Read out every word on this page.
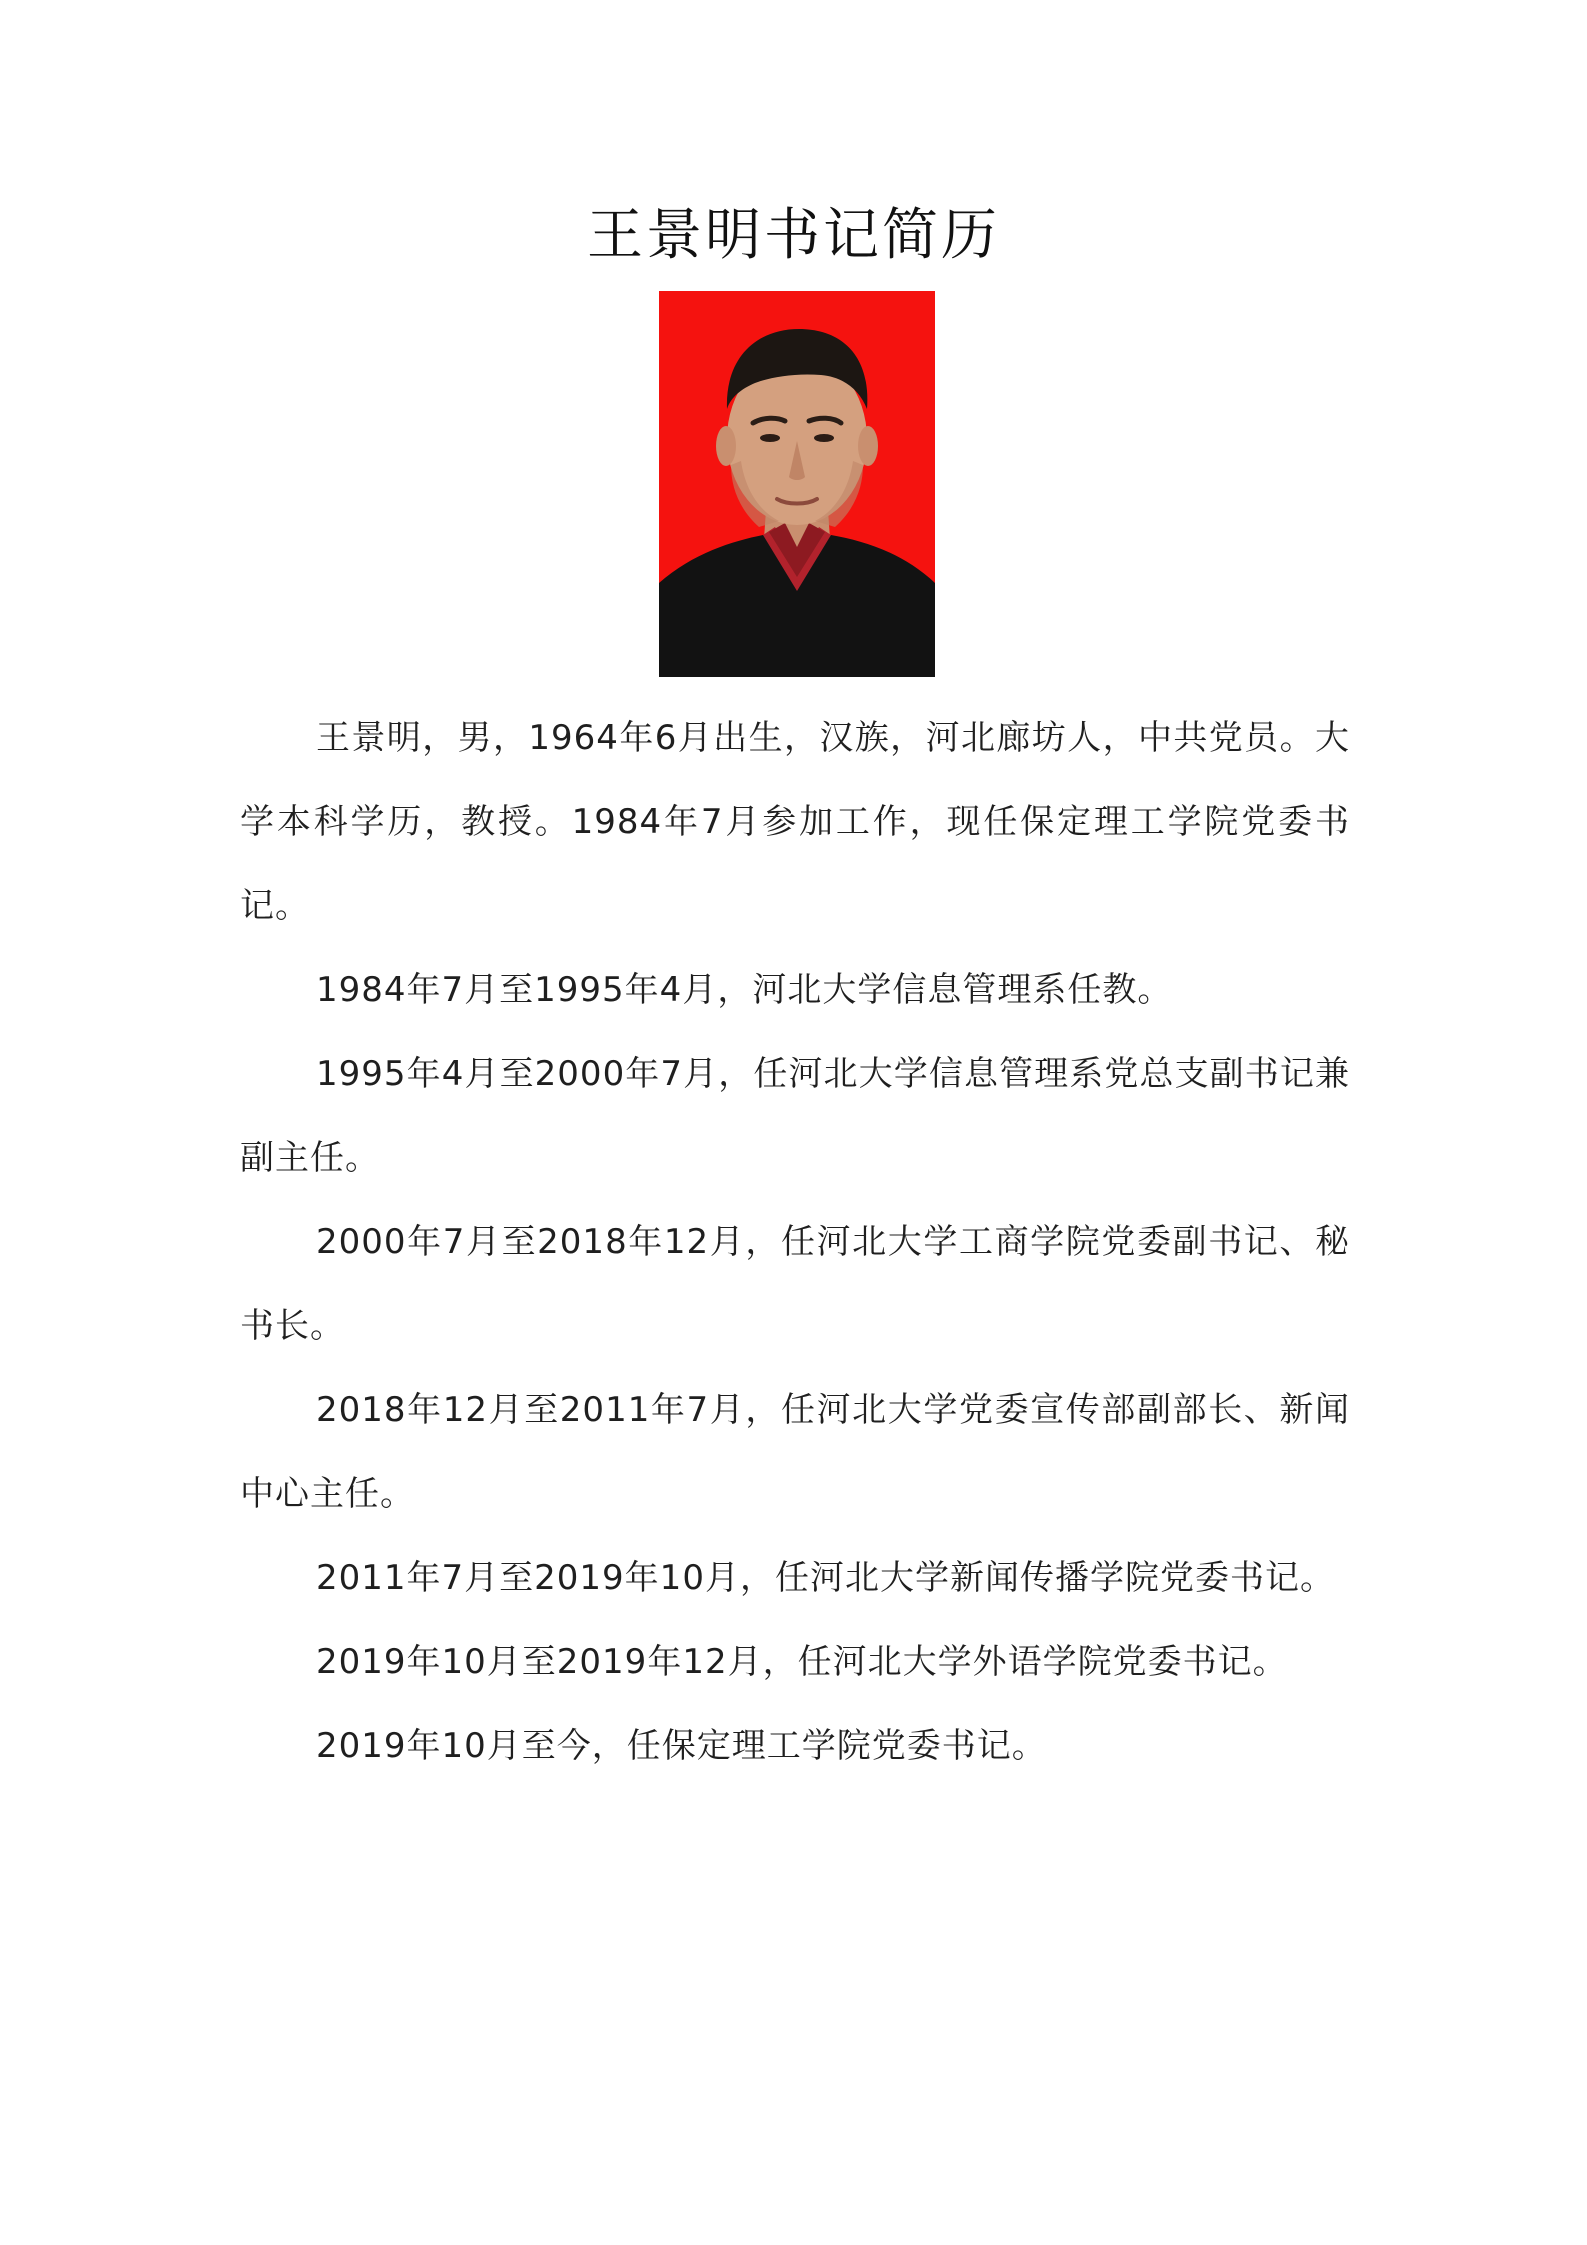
王景明书记简历

王景明，男，1964年6月出生，汉族，河北廊坊人，中共党员。大学本科学历，教授。1984年7月参加工作，现任保定理工学院党委书记。

1984年7月至1995年4月，河北大学信息管理系任教。

1995年4月至2000年7月，任河北大学信息管理系党总支副书记兼副主任。

2000年7月至2018年12月，任河北大学工商学院党委副书记、秘书长。

2018年12月至2011年7月，任河北大学党委宣传部副部长、新闻中心主任。

2011年7月至2019年10月，任河北大学新闻传播学院党委书记。

2019年10月至2019年12月，任河北大学外语学院党委书记。

2019年10月至今，任保定理工学院党委书记。
